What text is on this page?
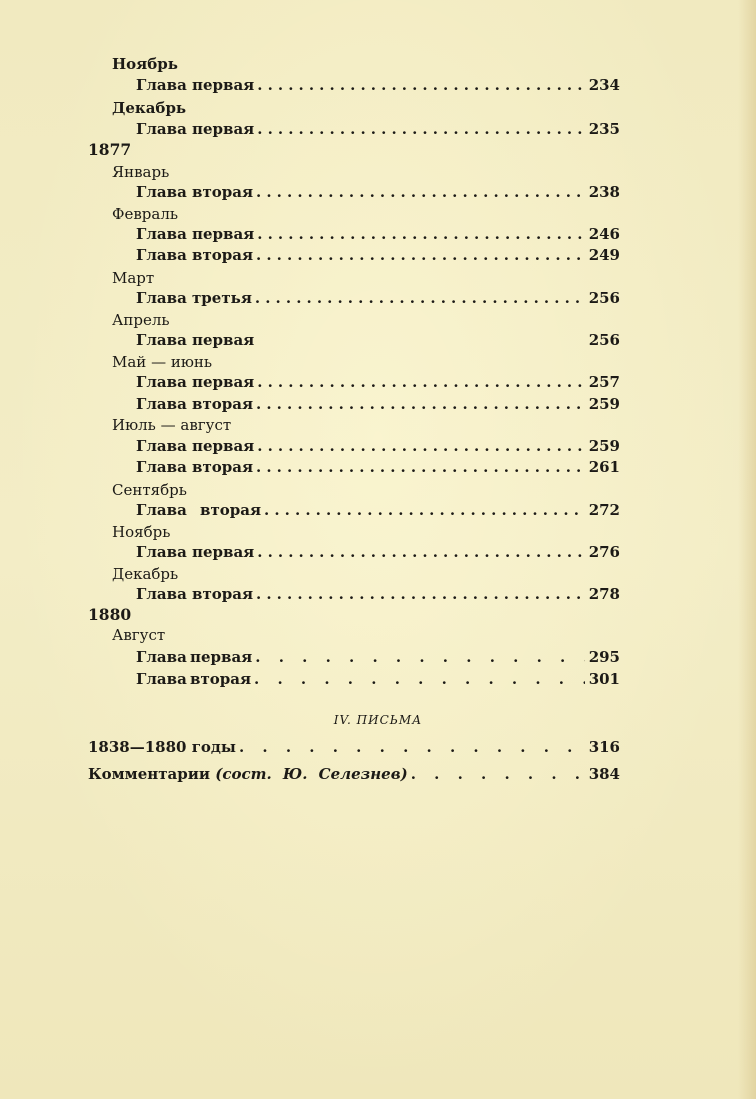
Ноябрь
Глава первая .....	234
Декабрь
Глава первая .....	235
1877
Январь
Глава вторая .....	238
Февраль
Глава первая .....	246
Глава вторая .....	249
Март
Глава третья .....	256
Апрель
Глава первая	256
Май — июнь
Глава первая .....	257
Глава вторая .....	259
Июль — август
Глава первая .....	259
Глава вторая .....	261
Сентябрь
Глава вторая .....	272
Ноябрь
Глава первая .....	276
Декабрь
Глава вторая .....	278
1880
Август
Глава первая . . .	295
Глава вторая . . .	301
IV. ПИСЬМА
1838—1880 годы . . .	316
Комментарии (сост. Ю. Селезнев) . . .	384
